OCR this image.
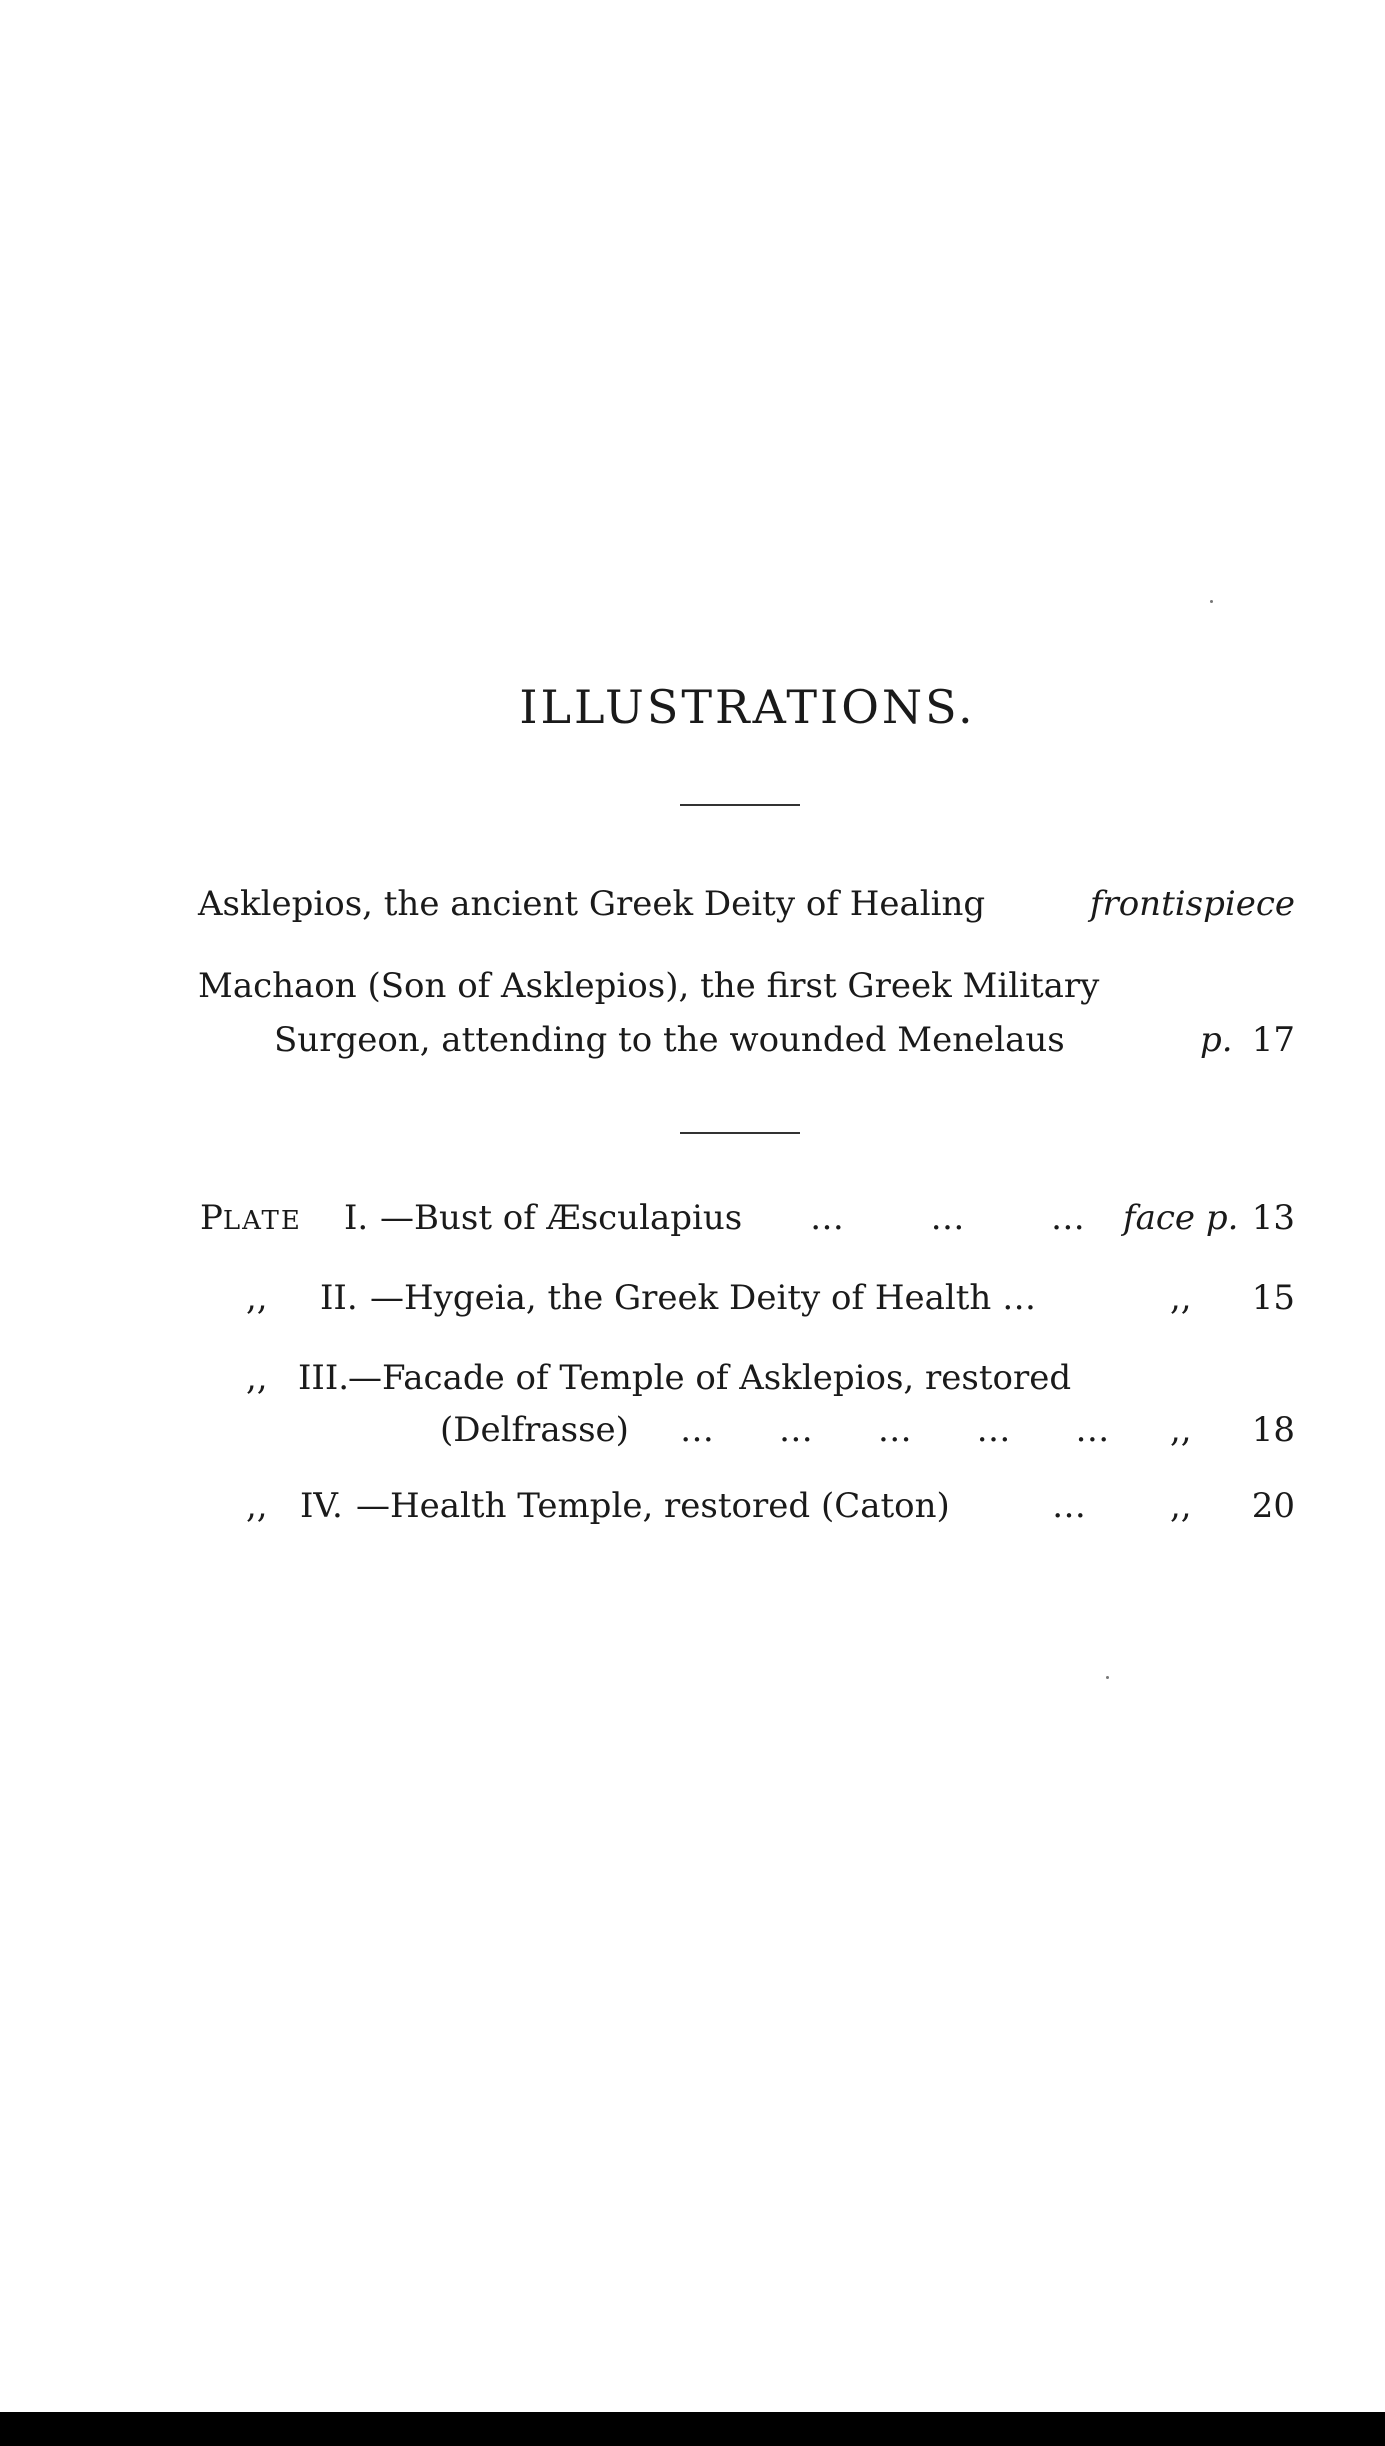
ILLUSTRATIONS.
Asklepios, the ancient Greek Deity of Healing	frontispiece
Machaon (Son of Asklepios), the first Greek Military
Surgeon, attending to the wounded Menelaus	p. 17
PLATE I. —Bust of Æsculapius …        …        … face p. 13
,, II. —Hygeia, the Greek Deity of Health …	,, 15
,, III.
—Facade of Temple of Asklepios, restored
(Delfrasse) …      …      …      …      … ,, 18
,, IV. —Health Temple, restored (Caton)	… ,, 20
